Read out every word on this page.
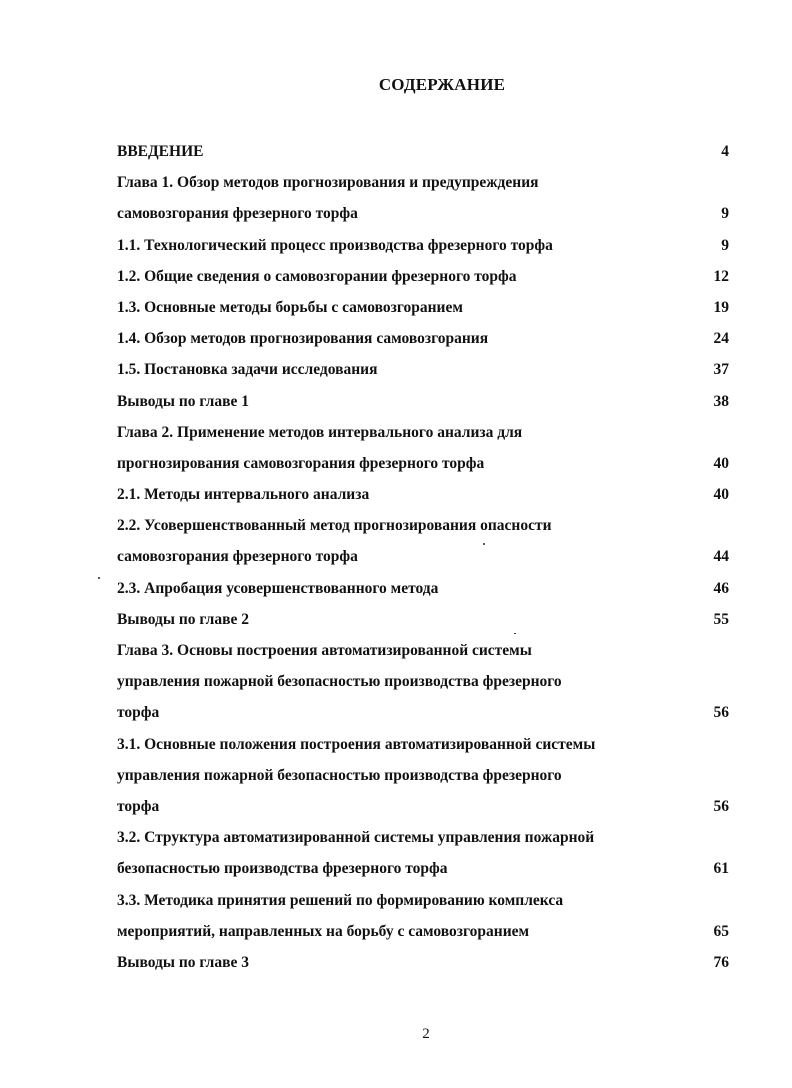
СОДЕРЖАНИЕ
ВВЕДЕНИЕ	4
Глава 1. Обзор методов прогнозирования и предупреждения
самовозгорания фрезерного торфа	9
1.1. Технологический процесс производства фрезерного торфа	9
1.2. Общие сведения о самовозгорании фрезерного торфа	12
1.3. Основные методы борьбы с самовозгоранием	19
1.4. Обзор методов прогнозирования самовозгорания	24
1.5. Постановка задачи исследования	37
Выводы по главе 1	38
Глава 2. Применение методов интервального анализа для
прогнозирования самовозгорания фрезерного торфа	40
2.1. Методы интервального анализа	40
2.2. Усовершенствованный метод прогнозирования опасности
самовозгорания фрезерного торфа	44
2.3. Апробация усовершенствованного метода	46
Выводы по главе 2	55
Глава 3. Основы построения автоматизированной системы
управления пожарной безопасностью производства фрезерного
торфа	56
3.1. Основные положения построения автоматизированной системы
управления пожарной безопасностью производства фрезерного
торфа	56
3.2. Структура автоматизированной системы управления пожарной
безопасностью производства фрезерного торфа	61
3.3. Методика принятия решений по формированию комплекса
мероприятий, направленных на борьбу с самовозгоранием	65
Выводы по главе 3	76
2
